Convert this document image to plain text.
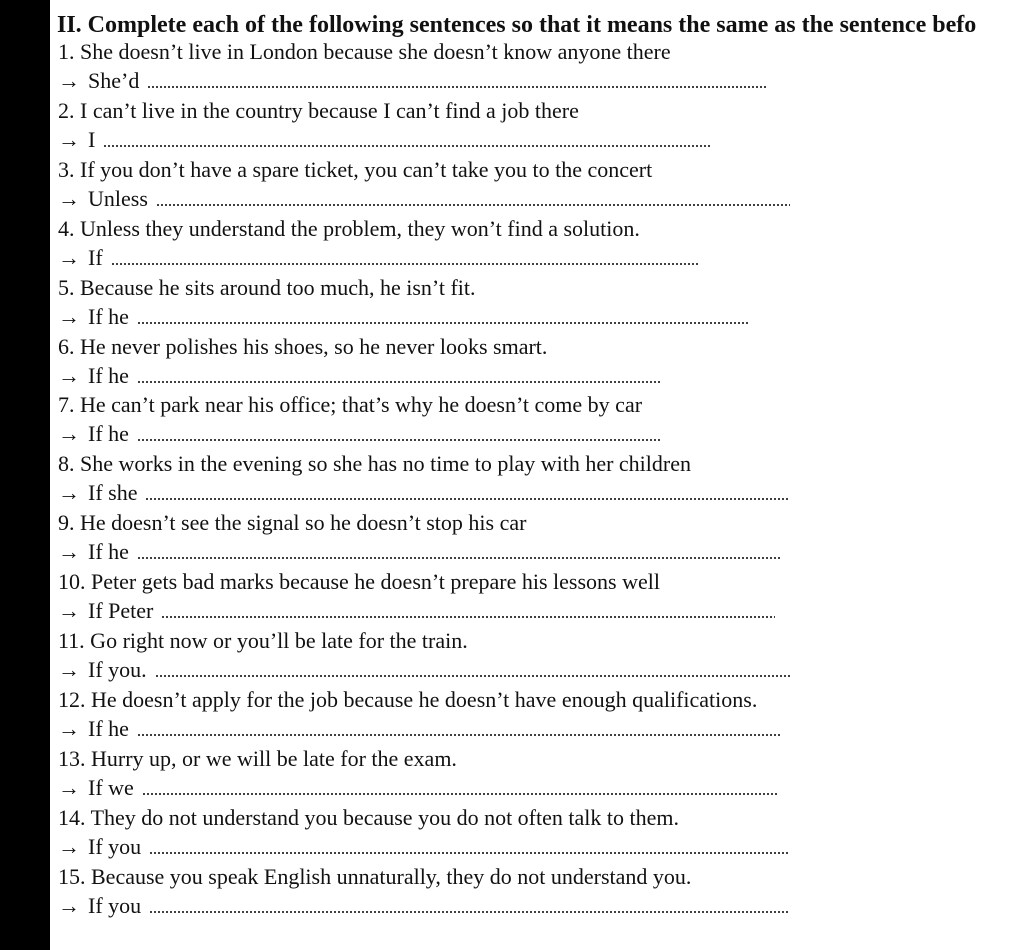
II. Complete each of the following sentences so that it means the same as the sentence befo
1. She doesn’t live in London because she doesn’t know anyone there
→ She’d
2. I can’t live in the country because I can’t find a job there
→ I
3. If you don’t have a spare ticket, you can’t take you to the concert
→ Unless
4. Unless they understand the problem, they won’t find a solution.
→ If
5. Because he sits around too much, he isn’t fit.
→ If he
6. He never polishes his shoes, so he never looks smart.
→ If he
7. He can’t park near his office; that’s why he doesn’t come by car
→ If he
8. She works in the evening so she has no time to play with her children
→ If she
9. He doesn’t see the signal so he doesn’t stop his car
→ If he
10. Peter gets bad marks because he doesn’t prepare his lessons well
→ If Peter
11. Go right now or you’ll be late for the train.
→ If you.
12. He doesn’t apply for the job because he doesn’t have enough qualifications.
→ If he
13. Hurry up, or we will be late for the exam.
→ If we
14. They do not understand you because you do not often talk to them.
→ If you
15. Because you speak English unnaturally, they do not understand you.
→ If you
